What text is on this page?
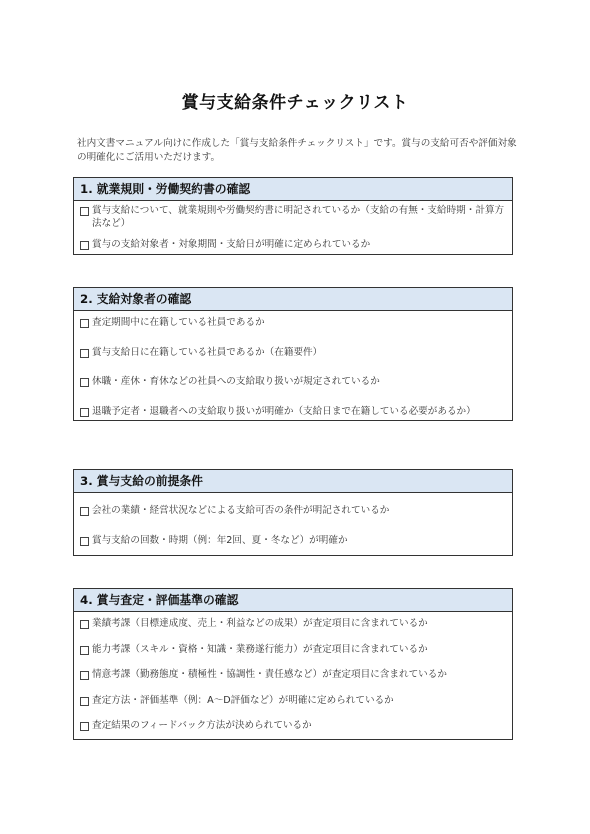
賞与支給条件チェックリスト
社内文書マニュアル向けに作成した「賞与支給条件チェックリスト」です。賞与の支給可否や評価対象の明確化にご活用いただけます。
1. 就業規則・労働契約書の確認
賞与支給について、就業規則や労働契約書に明記されているか（支給の有無・支給時期・計算方法など）
賞与の支給対象者・対象期間・支給日が明確に定められているか
2. 支給対象者の確認
査定期間中に在籍している社員であるか
賞与支給日に在籍している社員であるか（在籍要件）
休職・産休・育休などの社員への支給取り扱いが規定されているか
退職予定者・退職者への支給取り扱いが明確か（支給日まで在籍している必要があるか）
3. 賞与支給の前提条件
会社の業績・経営状況などによる支給可否の条件が明記されているか
賞与支給の回数・時期（例：年2回、夏・冬など）が明確か
4. 賞与査定・評価基準の確認
業績考課（目標達成度、売上・利益などの成果）が査定項目に含まれているか
能力考課（スキル・資格・知識・業務遂行能力）が査定項目に含まれているか
情意考課（勤務態度・積極性・協調性・責任感など）が査定項目に含まれているか
査定方法・評価基準（例：A〜D評価など）が明確に定められているか
査定結果のフィードバック方法が決められているか
